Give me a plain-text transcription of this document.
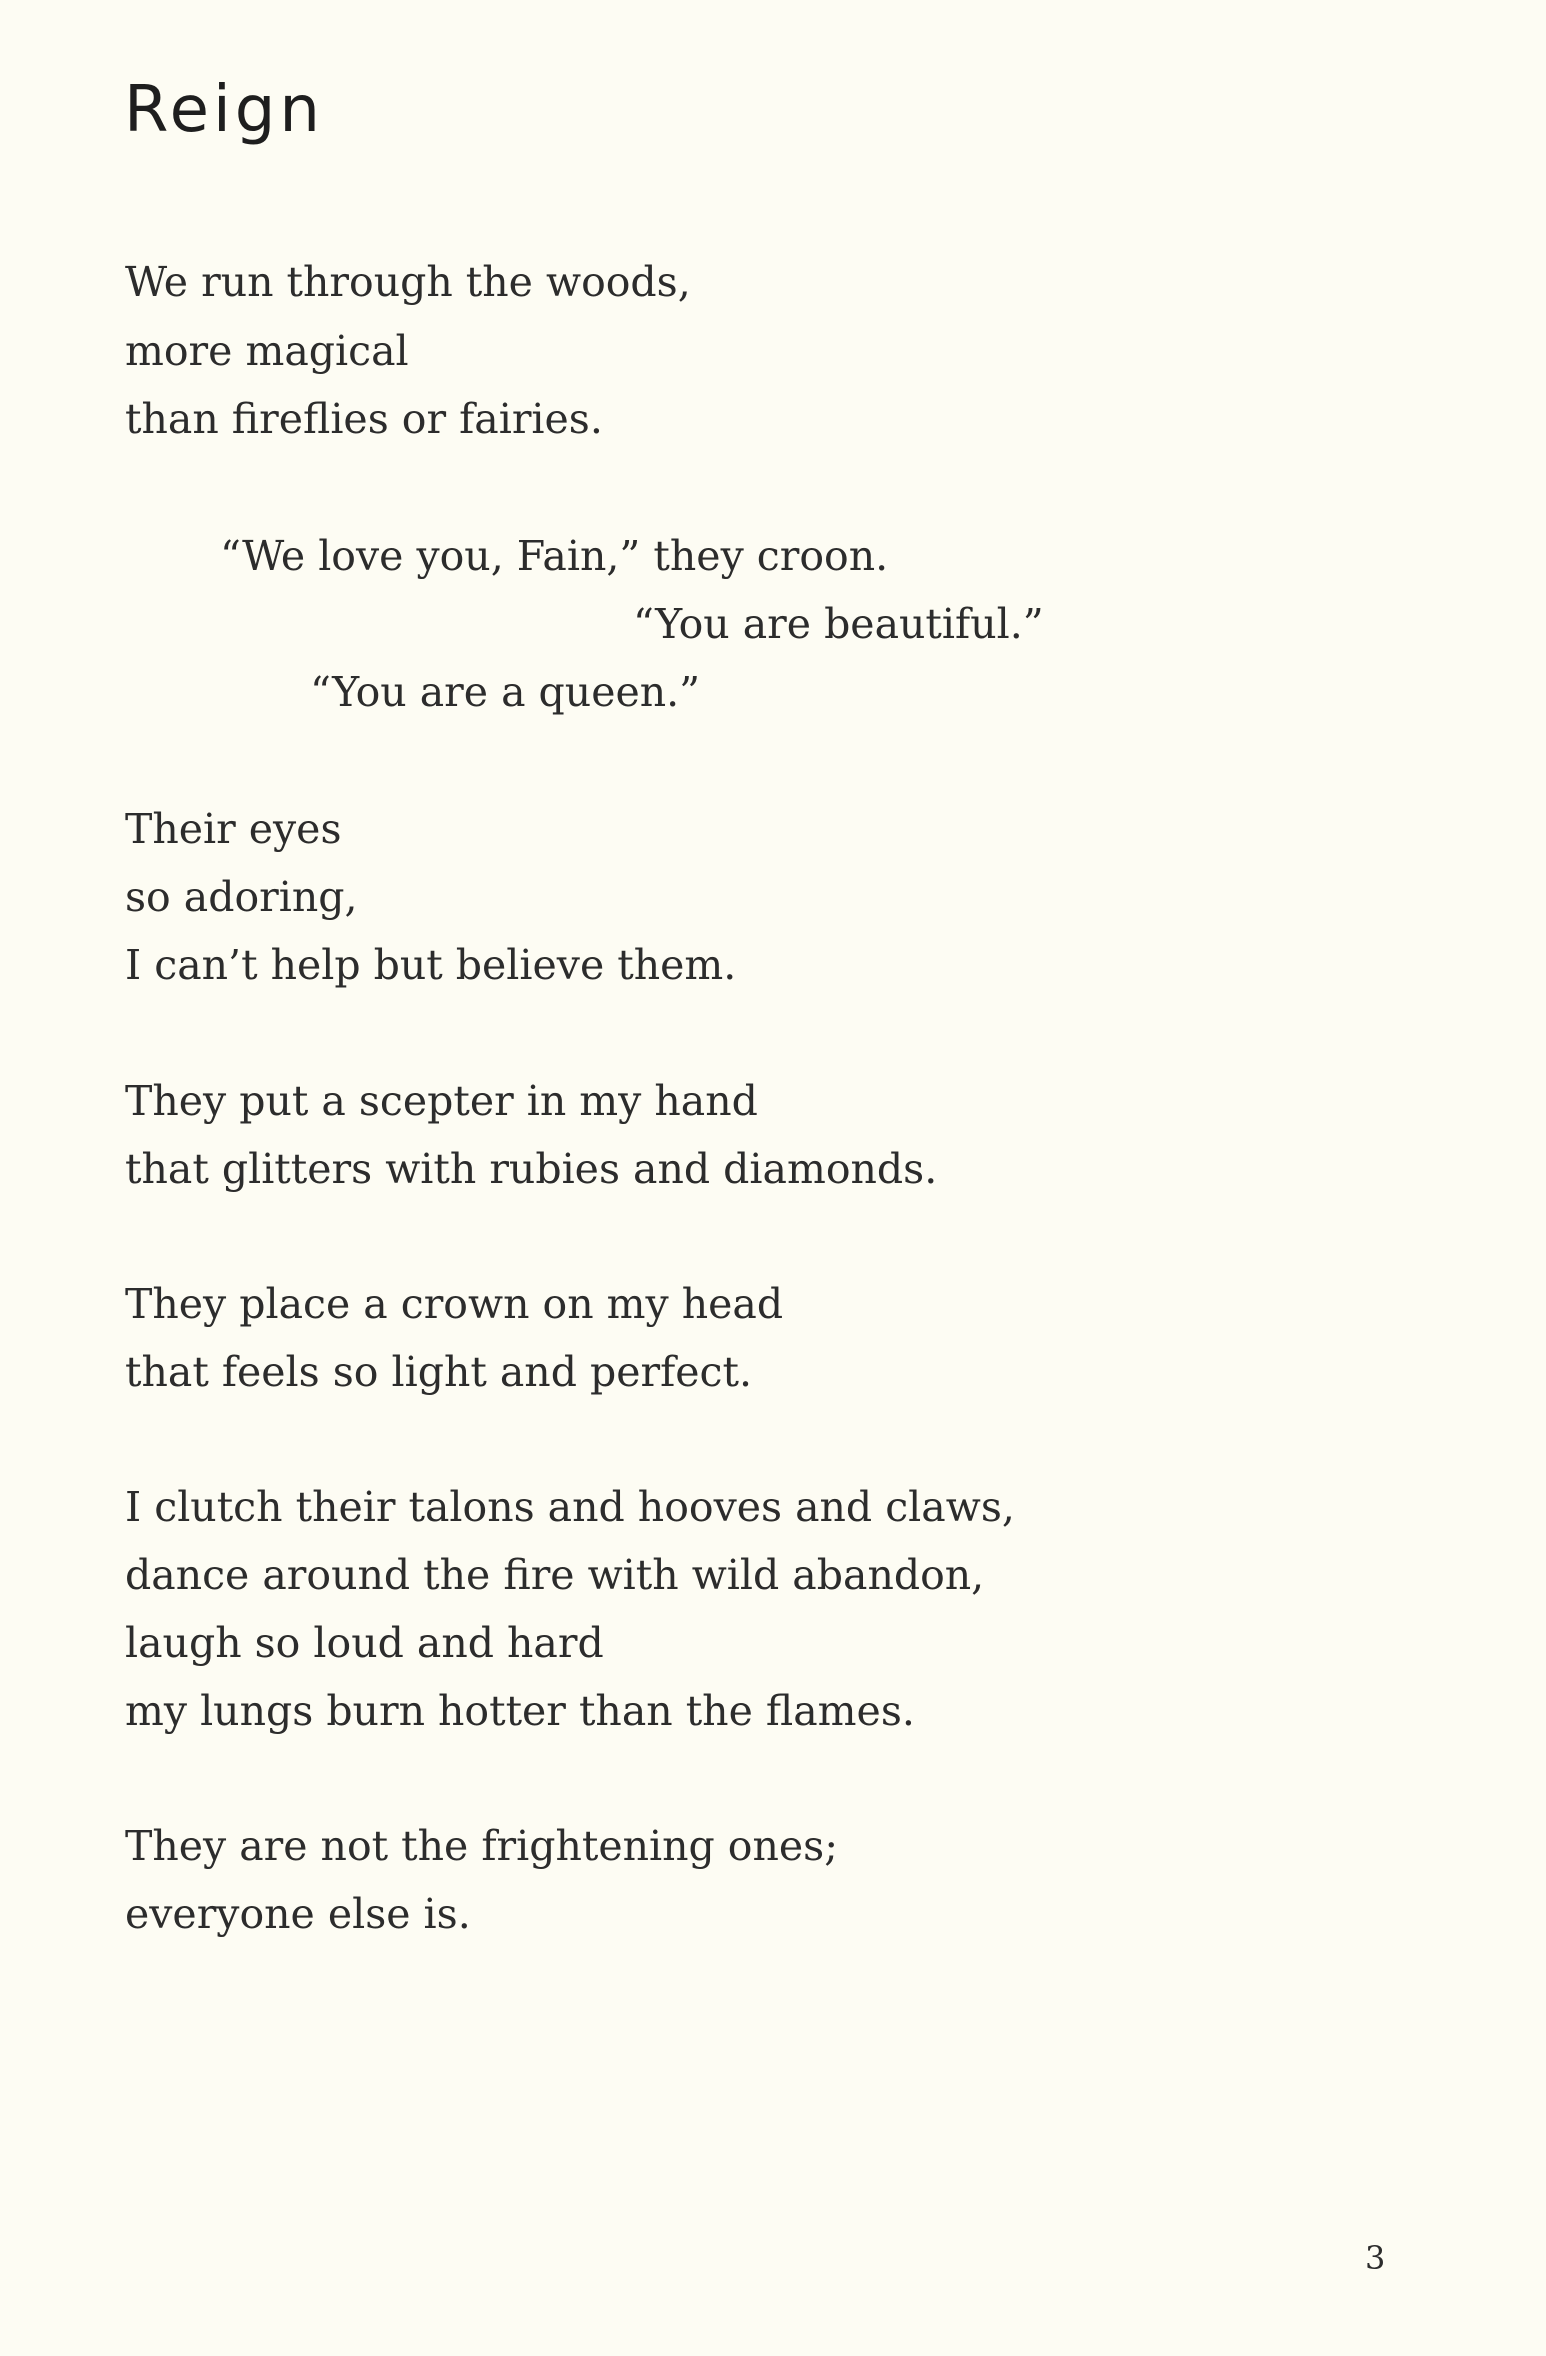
Reign
We run through the woods,
more magical
than fireflies or fairies.
“We love you, Fain,” they croon.
“You are beautiful.”
“You are a queen.”
Their eyes
so adoring,
I can’t help but believe them.
They put a scepter in my hand
that glitters with rubies and diamonds.
They place a crown on my head
that feels so light and perfect.
I clutch their talons and hooves and claws,
dance around the fire with wild abandon,
laugh so loud and hard
my lungs burn hotter than the flames.
They are not the frightening ones;
everyone else is.
3
